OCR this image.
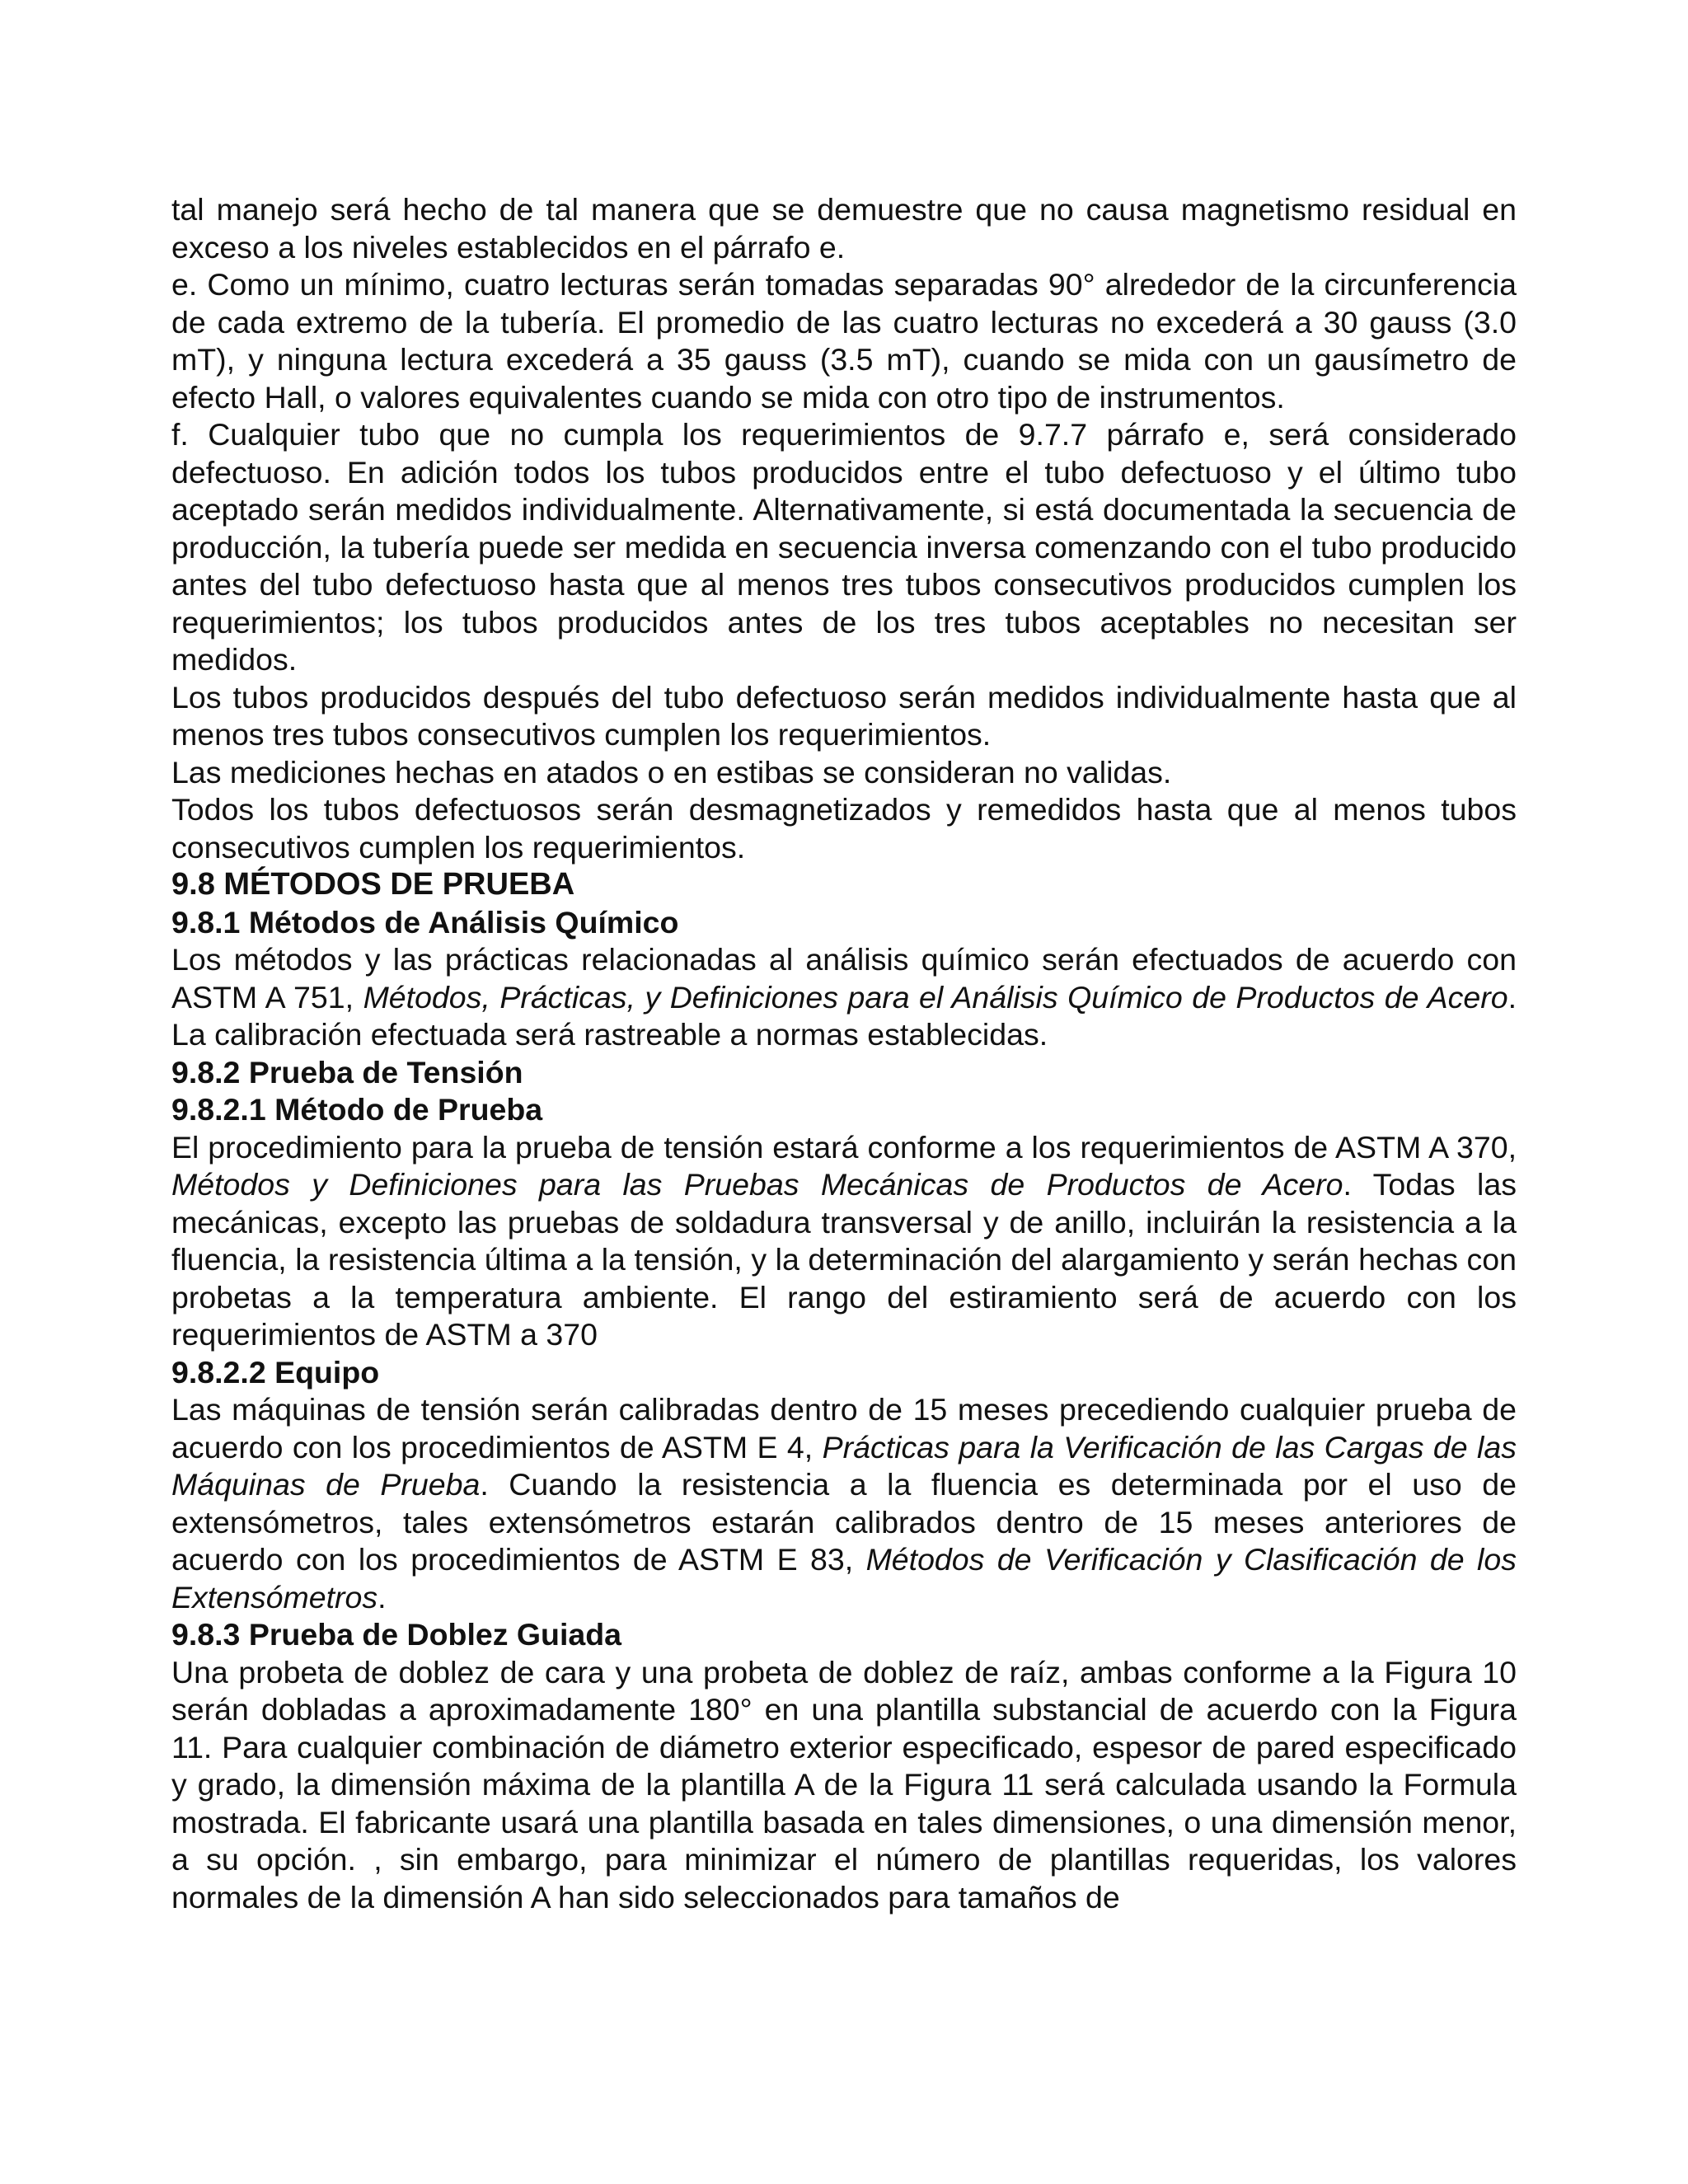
tal manejo será hecho de tal manera que se demuestre que no causa magnetismo residual en exceso a los niveles establecidos en el párrafo e.

e. Como un mínimo, cuatro lecturas serán tomadas separadas 90° alrededor de la circunferencia de cada extremo de la tubería. El promedio de las cuatro lecturas no excederá a 30 gauss (3.0 mT), y ninguna lectura excederá a 35 gauss (3.5 mT), cuando se mida con un gausímetro de efecto Hall, o valores equivalentes cuando se mida con otro tipo de instrumentos.

f. Cualquier tubo que no cumpla los requerimientos de 9.7.7 párrafo e, será considerado defectuoso. En adición todos los tubos producidos entre el tubo defectuoso y el último tubo aceptado serán medidos individualmente. Alternativamente, si está documentada la secuencia de producción, la tubería puede ser medida en secuencia inversa comenzando con el tubo producido antes del tubo defectuoso hasta que al menos tres tubos consecutivos producidos cumplen los requerimientos; los tubos producidos antes de los tres tubos aceptables no necesitan ser medidos.

Los tubos producidos después del tubo defectuoso serán medidos individualmente hasta que al menos tres tubos consecutivos cumplen los requerimientos.

Las mediciones hechas en atados o en estibas se consideran no validas.

Todos los tubos defectuosos serán desmagnetizados y remedidos hasta que al menos tubos consecutivos cumplen los requerimientos.

9.8 MÉTODOS DE PRUEBA
9.8.1 Métodos de Análisis Químico

Los métodos y las prácticas relacionadas al análisis químico serán efectuados de acuerdo con ASTM A 751, Métodos, Prácticas, y Definiciones para el Análisis Químico de Productos de Acero. La calibración efectuada será rastreable a normas establecidas.

9.8.2 Prueba de Tensión
9.8.2.1 Método de Prueba

El procedimiento para la prueba de tensión estará conforme a los requerimientos de ASTM A 370, Métodos y Definiciones para las Pruebas Mecánicas de Productos de Acero. Todas las mecánicas, excepto las pruebas de soldadura transversal y de anillo, incluirán la resistencia a la fluencia, la resistencia última a la tensión, y la determinación del alargamiento y serán hechas con probetas a la temperatura ambiente. El rango del estiramiento será de acuerdo con los requerimientos de ASTM a 370

9.8.2.2 Equipo

Las máquinas de tensión serán calibradas dentro de 15 meses precediendo cualquier prueba de acuerdo con los procedimientos de ASTM E 4, Prácticas para la Verificación de las Cargas de las Máquinas de Prueba. Cuando la resistencia a la fluencia es determinada por el uso de extensómetros, tales extensómetros estarán calibrados dentro de 15 meses anteriores de acuerdo con los procedimientos de ASTM E 83, Métodos de Verificación y Clasificación de los Extensómetros.

9.8.3 Prueba de Doblez Guiada

Una probeta de doblez de cara y una probeta de doblez de raíz, ambas conforme a la Figura 10 serán dobladas a aproximadamente 180° en una plantilla substancial de acuerdo con la Figura 11. Para cualquier combinación de diámetro exterior especificado, espesor de pared especificado y grado, la dimensión máxima de la plantilla A de la Figura 11 será calculada usando la Formula mostrada. El fabricante usará una plantilla basada en tales dimensiones, o una dimensión menor, a su opción. , sin embargo, para minimizar el número de plantillas requeridas, los valores normales de la dimensión A han sido seleccionados para tamaños de
